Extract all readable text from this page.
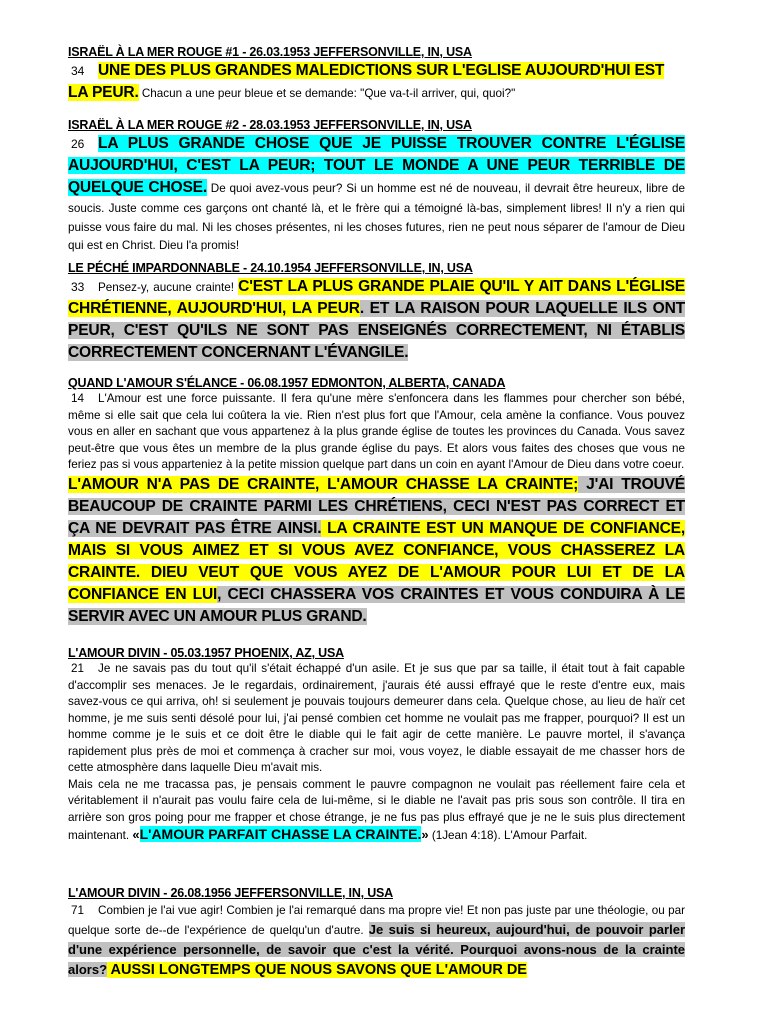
ISRAËL À LA MER ROUGE #1 - 26.03.1953 JEFFERSONVILLE, IN, USA
34 UNE DES PLUS GRANDES MALEDICTIONS SUR L'EGLISE AUJOURD'HUI EST LA PEUR. Chacun a une peur bleue et se demande: "Que va-t-il arriver, qui, quoi?"
ISRAËL À LA MER ROUGE #2 - 28.03.1953 JEFFERSONVILLE, IN, USA
26 LA PLUS GRANDE CHOSE QUE JE PUISSE TROUVER CONTRE L'ÉGLISE AUJOURD'HUI, C'EST LA PEUR; TOUT LE MONDE A UNE PEUR TERRIBLE DE QUELQUE CHOSE. De quoi avez-vous peur? Si un homme est né de nouveau, il devrait être heureux, libre de soucis. Juste comme ces garçons ont chanté là, et le frère qui a témoigné là-bas, simplement libres! Il n'y a rien qui puisse vous faire du mal. Ni les choses présentes, ni les choses futures, rien ne peut nous séparer de l'amour de Dieu qui est en Christ. Dieu l'a promis!
LE PÉCHÉ IMPARDONNABLE - 24.10.1954 JEFFERSONVILLE, IN, USA
33 Pensez-y, aucune crainte! C'EST LA PLUS GRANDE PLAIE QU'IL Y AIT DANS L'ÉGLISE CHRÉTIENNE, AUJOURD'HUI, LA PEUR. ET LA RAISON POUR LAQUELLE ILS ONT PEUR, C'EST QU'ILS NE SONT PAS ENSEIGNÉS CORRECTEMENT, NI ÉTABLIS CORRECTEMENT CONCERNANT L'ÉVANGILE.
QUAND L'AMOUR S'ÉLANCE - 06.08.1957 EDMONTON, ALBERTA, CANADA
14 L'Amour est une force puissante. Il fera qu'une mère s'enfoncera dans les flammes pour chercher son bébé, même si elle sait que cela lui coûtera la vie. Rien n'est plus fort que l'Amour, cela amène la confiance. Vous pouvez vous en aller en sachant que vous appartenez à la plus grande église de toutes les provinces du Canada. Vous savez peut-être que vous êtes un membre de la plus grande église du pays. Et alors vous faites des choses que vous ne feriez pas si vous apparteniez à la petite mission quelque part dans un coin en ayant l'Amour de Dieu dans votre coeur.
L'AMOUR N'A PAS DE CRAINTE, L'AMOUR CHASSE LA CRAINTE; J'AI TROUVÉ BEAUCOUP DE CRAINTE PARMI LES CHRÉTIENS, CECI N'EST PAS CORRECT ET ÇA NE DEVRAIT PAS ÊTRE AINSI. LA CRAINTE EST UN MANQUE DE CONFIANCE, MAIS SI VOUS AIMEZ ET SI VOUS AVEZ CONFIANCE, VOUS CHASSEREZ LA CRAINTE. DIEU VEUT QUE VOUS AYEZ DE L'AMOUR POUR LUI ET DE LA CONFIANCE EN LUI, CECI CHASSERA VOS CRAINTES ET VOUS CONDUIRA À LE SERVIR AVEC UN AMOUR PLUS GRAND.
L'AMOUR DIVIN - 05.03.1957 PHOENIX, AZ, USA

21 Je ne savais pas du tout qu'il s'était échappé d'un asile. Et je sus que par sa taille, il était tout à fait capable d'accomplir ses menaces. Je le regardais, ordinairement, j'aurais été aussi effrayé que le reste d'entre eux, mais savez-vous ce qui arriva, oh! si seulement je pouvais toujours demeurer dans cela. Quelque chose, au lieu de haïr cet homme, je me suis senti désolé pour lui, j'ai pensé combien cet homme ne voulait pas me frapper, pourquoi? Il est un homme comme je le suis et ce doit être le diable qui le fait agir de cette manière. Le pauvre mortel, il s'avança rapidement plus près de moi et commença à cracher sur moi, vous voyez, le diable essayait de me chasser hors de cette atmosphère dans laquelle Dieu m'avait mis.

Mais cela ne me tracassa pas, je pensais comment le pauvre compagnon ne voulait pas réellement faire cela et véritablement il n'aurait pas voulu faire cela de lui-même, si le diable ne l'avait pas pris sous son contrôle. Il tira en arrière son gros poing pour me frapper et chose étrange, je ne fus pas plus effrayé que je ne le suis plus directement maintenant. «L'AMOUR PARFAIT CHASSE LA CRAINTE.» (1Jean 4:18). L'Amour Parfait.

L'AMOUR DIVIN - 26.08.1956 JEFFERSONVILLE, IN, USA
71 Combien je l'ai vue agir! Combien je l'ai remarqué dans ma propre vie! Et non pas juste par une théologie, ou par quelque sorte de--de l'expérience de quelqu'un d'autre. Je suis si heureux, aujourd'hui, de pouvoir parler d'une expérience personnelle, de savoir que c'est la vérité. Pourquoi avons-nous de la crainte alors? AUSSI LONGTEMPS QUE NOUS SAVONS QUE L'AMOUR DE
